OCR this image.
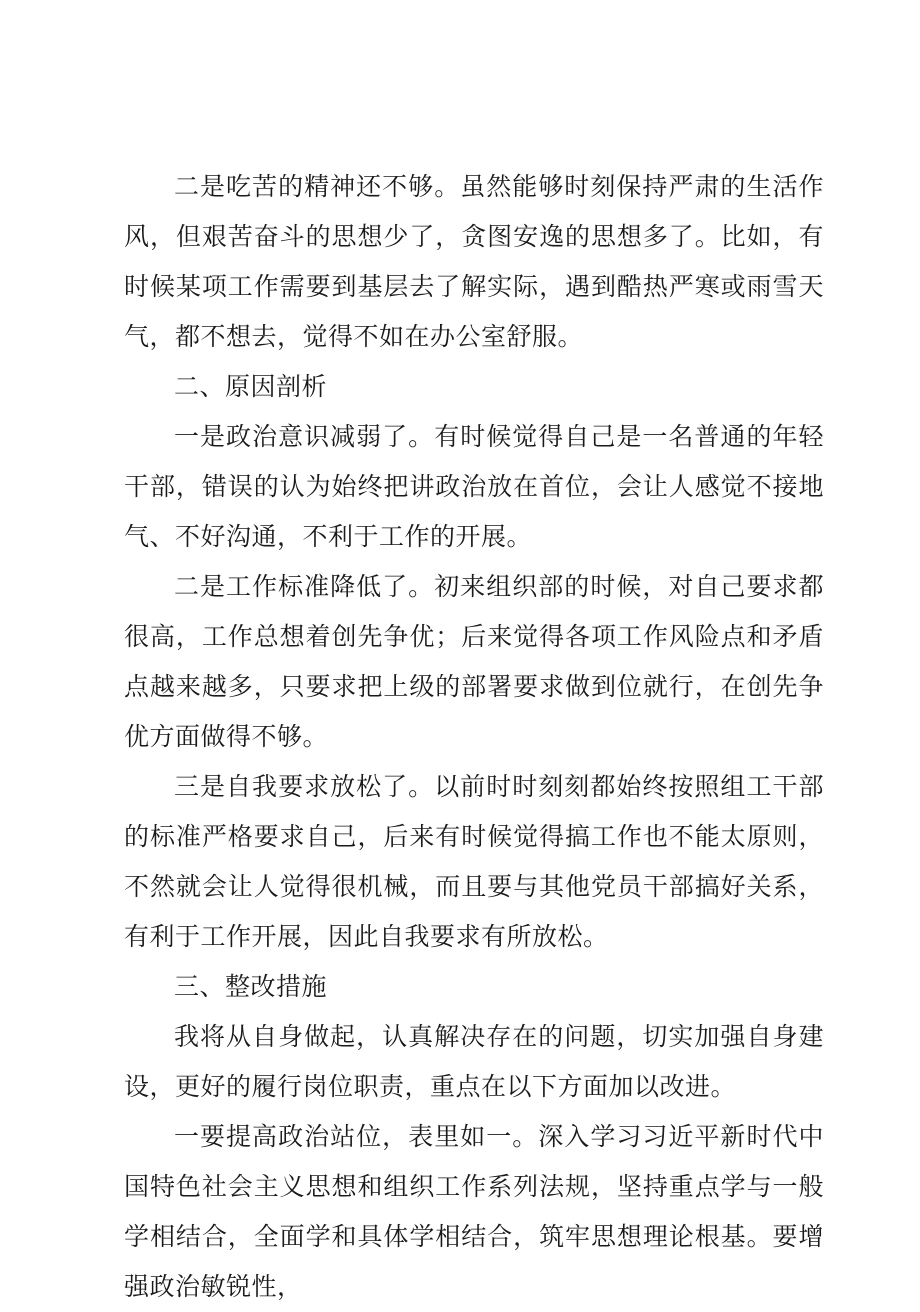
二是吃苦的精神还不够。虽然能够时刻保持严肃的生活作风，但艰苦奋斗的思想少了，贪图安逸的思想多了。比如，有时候某项工作需要到基层去了解实际，遇到酷热严寒或雨雪天气，都不想去，觉得不如在办公室舒服。

二、原因剖析

一是政治意识减弱了。有时候觉得自己是一名普通的年轻干部，错误的认为始终把讲政治放在首位，会让人感觉不接地气、不好沟通，不利于工作的开展。

二是工作标准降低了。初来组织部的时候，对自己要求都很高，工作总想着创先争优；后来觉得各项工作风险点和矛盾点越来越多，只要求把上级的部署要求做到位就行，在创先争优方面做得不够。

三是自我要求放松了。以前时时刻刻都始终按照组工干部的标准严格要求自己，后来有时候觉得搞工作也不能太原则，不然就会让人觉得很机械，而且要与其他党员干部搞好关系，有利于工作开展，因此自我要求有所放松。

三、整改措施

我将从自身做起，认真解决存在的问题，切实加强自身建设，更好的履行岗位职责，重点在以下方面加以改进。

一要提高政治站位，表里如一。深入学习习近平新时代中国特色社会主义思想和组织工作系列法规，坚持重点学与一般学相结合，全面学和具体学相结合，筑牢思想理论根基。要增强政治敏锐性，
